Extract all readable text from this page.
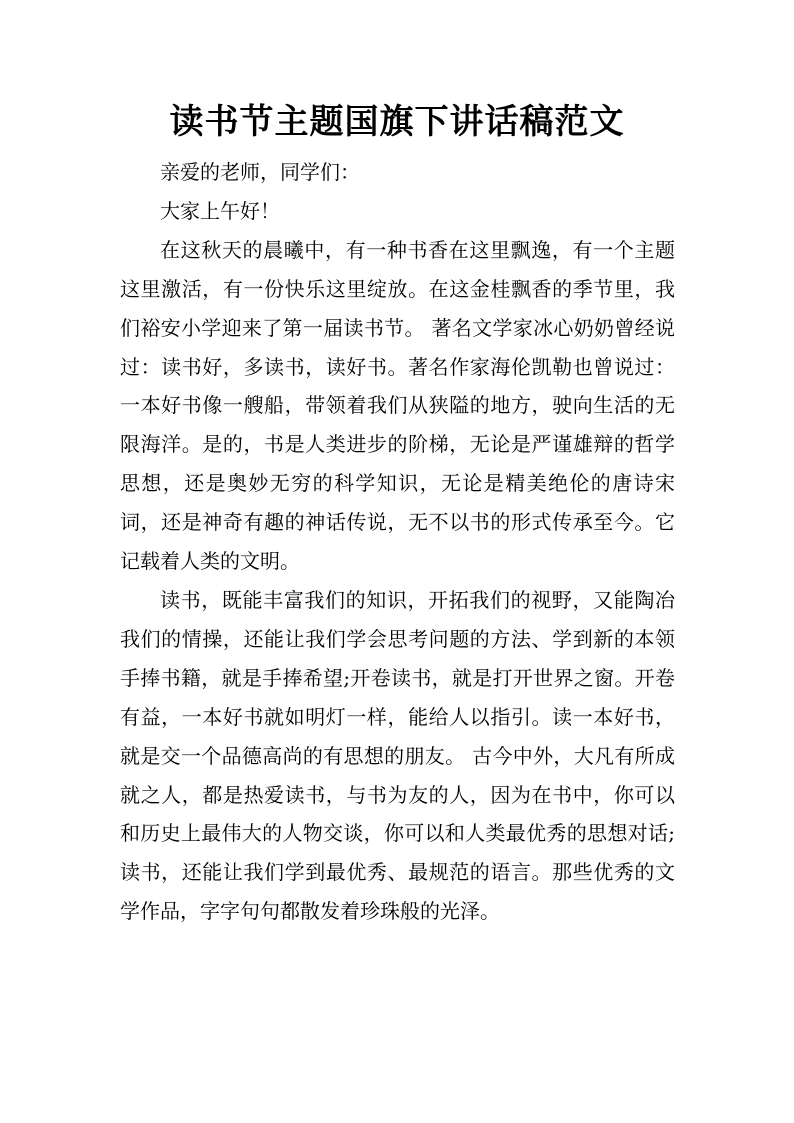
读书节主题国旗下讲话稿范文

亲爱的老师，同学们：

大家上午好！

在这秋天的晨曦中，有一种书香在这里飘逸，有一个主题这里激活，有一份快乐这里绽放。在这金桂飘香的季节里，我们裕安小学迎来了第一届读书节。 著名文学家冰心奶奶曾经说过：读书好，多读书，读好书。著名作家海伦凯勒也曾说过：一本好书像一艘船，带领着我们从狭隘的地方，驶向生活的无限海洋。是的，书是人类进步的阶梯，无论是严谨雄辩的哲学思想，还是奥妙无穷的科学知识，无论是精美绝伦的唐诗宋词，还是神奇有趣的神话传说，无不以书的形式传承至今。它记载着人类的文明。

读书，既能丰富我们的知识，开拓我们的视野，又能陶冶我们的情操，还能让我们学会思考问题的方法、学到新的本领手捧书籍，就是手捧希望;开卷读书，就是打开世界之窗。开卷有益，一本好书就如明灯一样，能给人以指引。读一本好书，就是交一个品德高尚的有思想的朋友。 古今中外，大凡有所成就之人，都是热爱读书，与书为友的人，因为在书中，你可以和历史上最伟大的人物交谈，你可以和人类最优秀的思想对话;读书，还能让我们学到最优秀、最规范的语言。那些优秀的文学作品，字字句句都散发着珍珠般的光泽。
